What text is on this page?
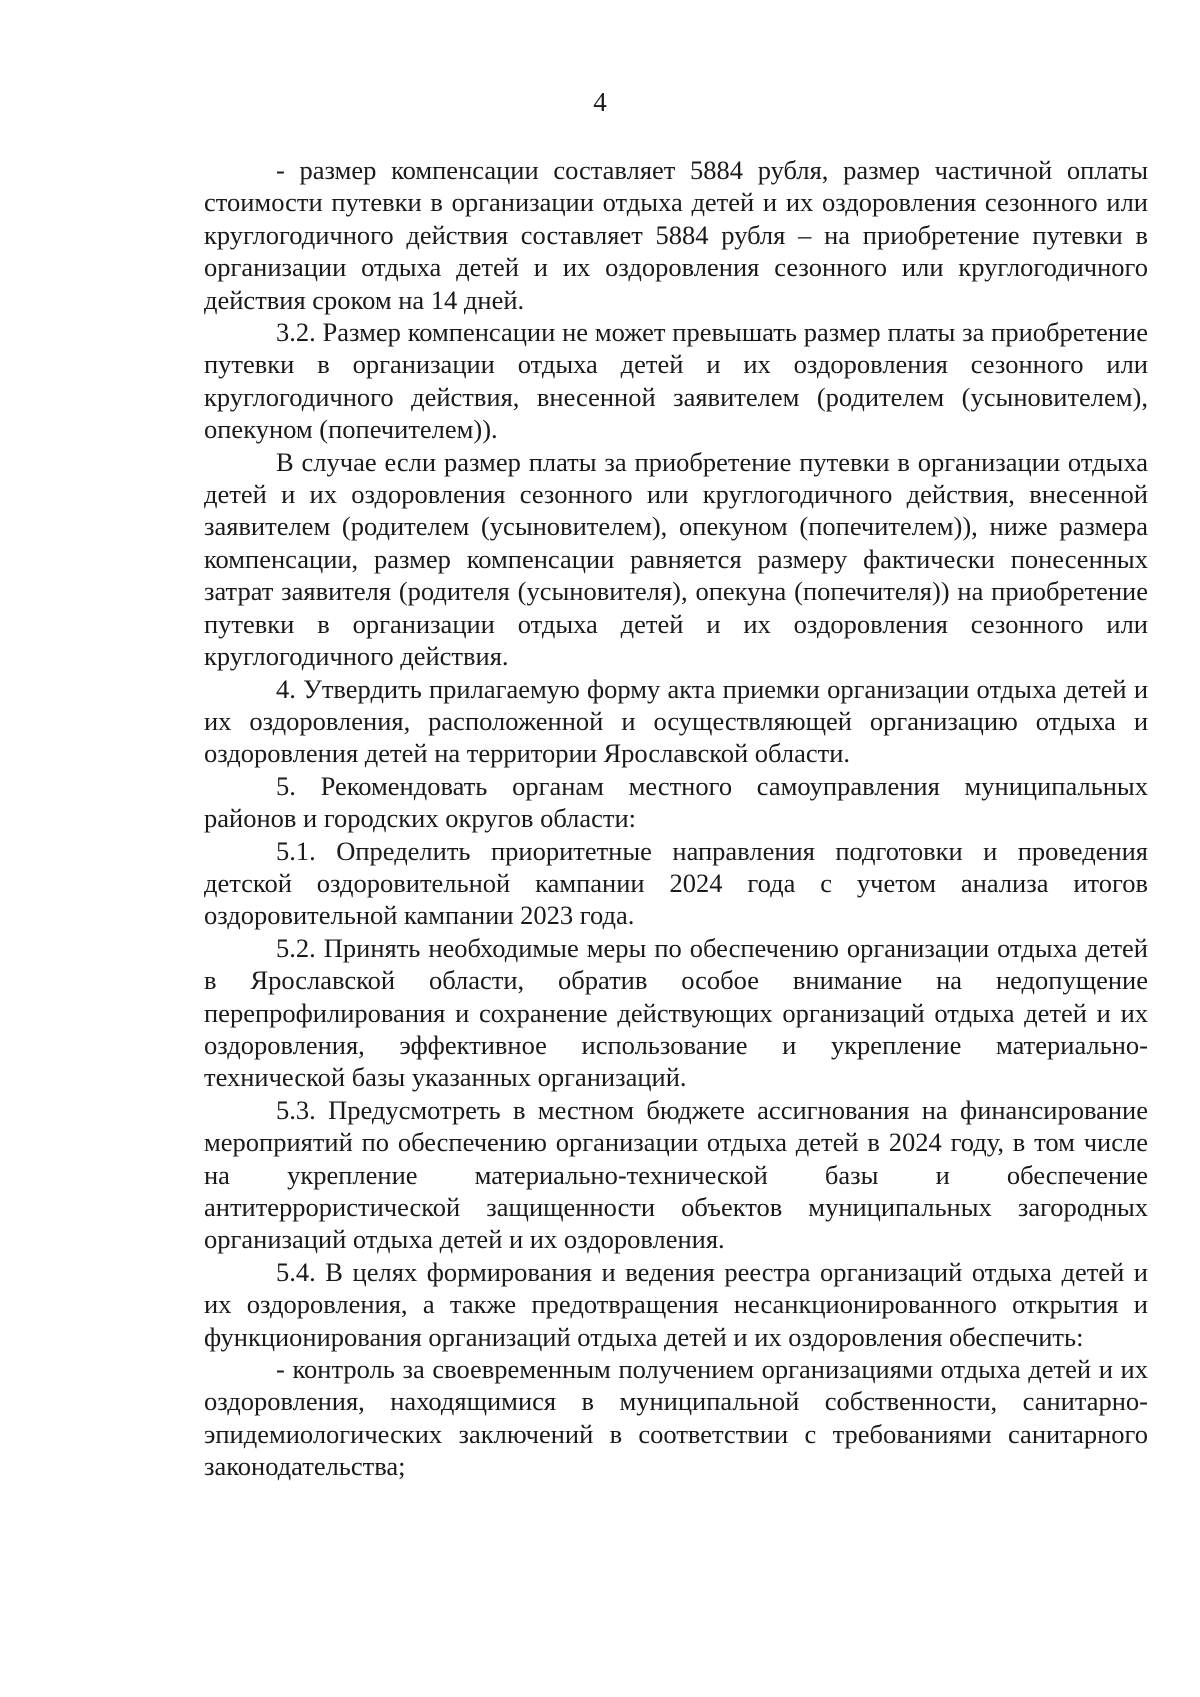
4

- размер компенсации составляет 5884 рубля, размер частичной оплаты стоимости путевки в организации отдыха детей и их оздоровления сезонного или круглогодичного действия составляет 5884 рубля – на приобретение путевки в организации отдыха детей и их оздоровления сезонного или круглогодичного действия сроком на 14 дней.

3.2. Размер компенсации не может превышать размер платы за приобретение путевки в организации отдыха детей и их оздоровления сезонного или круглогодичного действия, внесенной заявителем (родителем (усыновителем), опекуном (попечителем)).

В случае если размер платы за приобретение путевки в организации отдыха детей и их оздоровления сезонного или круглогодичного действия, внесенной заявителем (родителем (усыновителем), опекуном (попечителем)), ниже размера компенсации, размер компенсации равняется размеру фактически понесенных затрат заявителя (родителя (усыновителя), опекуна (попечителя)) на приобретение путевки в организации отдыха детей и их оздоровления сезонного или круглогодичного действия.

4. Утвердить прилагаемую форму акта приемки организации отдыха детей и их оздоровления, расположенной и осуществляющей организацию отдыха и оздоровления детей на территории Ярославской области.

5. Рекомендовать органам местного самоуправления муниципальных районов и городских округов области:

5.1. Определить приоритетные направления подготовки и проведения детской оздоровительной кампании 2024 года с учетом анализа итогов оздоровительной кампании 2023 года.

5.2. Принять необходимые меры по обеспечению организации отдыха детей в Ярославской области, обратив особое внимание на недопущение перепрофилирования и сохранение действующих организаций отдыха детей и их оздоровления, эффективное использование и укрепление материально-технической базы указанных организаций.

5.3. Предусмотреть в местном бюджете ассигнования на финансирование мероприятий по обеспечению организации отдыха детей в 2024 году, в том числе на укрепление материально-технической базы и обеспечение антитеррористической защищенности объектов муниципальных загородных организаций отдыха детей и их оздоровления.

5.4. В целях формирования и ведения реестра организаций отдыха детей и их оздоровления, а также предотвращения несанкционированного открытия и функционирования организаций отдыха детей и их оздоровления обеспечить:

- контроль за своевременным получением организациями отдыха детей и их оздоровления, находящимися в муниципальной собственности, санитарно-эпидемиологических заключений в соответствии с требованиями санитарного законодательства;
